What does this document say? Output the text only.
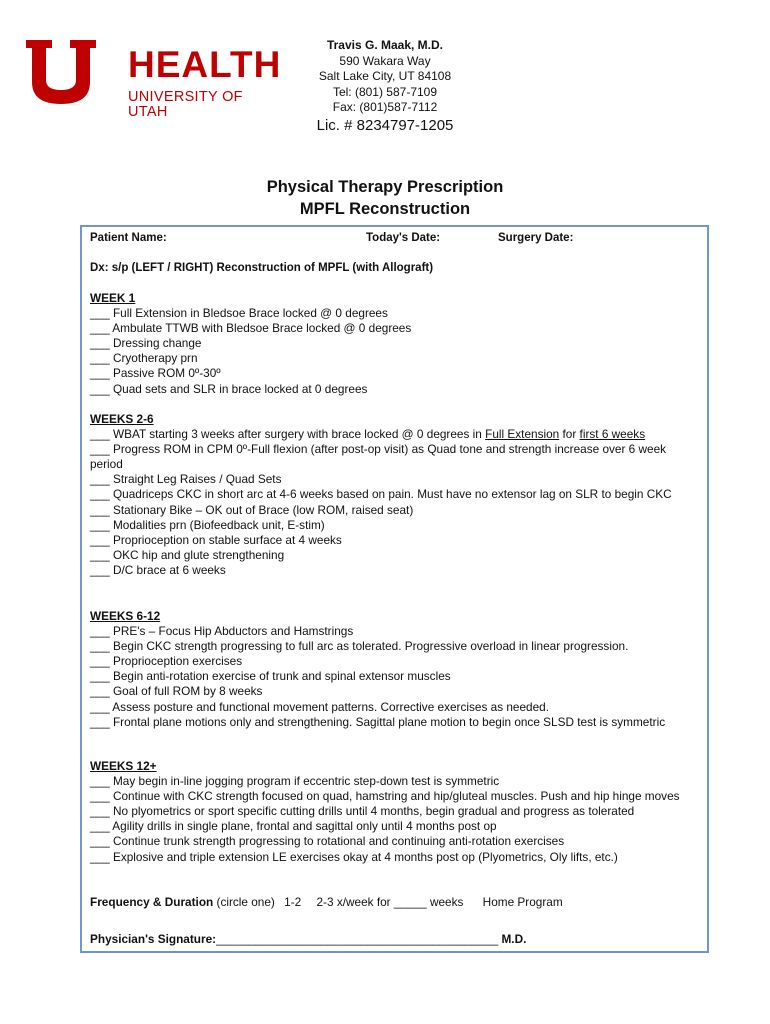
HEALTH
UNIVERSITY OF UTAH
Travis G. Maak, M.D.
590 Wakara Way
Salt Lake City, UT 84108
Tel: (801) 587-7109
Fax: (801)587-7112
Lic. # 8234797-1205
Physical Therapy Prescription
MPFL Reconstruction
Patient Name:	Today's Date:	Surgery Date:
Dx: s/p (LEFT / RIGHT) Reconstruction of MPFL (with Allograft)
WEEK 1
___ Full Extension in Bledsoe Brace locked @ 0 degrees
___ Ambulate TTWB with Bledsoe Brace locked @ 0 degrees
___ Dressing change
___ Cryotherapy prn
___ Passive ROM 0º-30º
___ Quad sets and SLR in brace locked at 0 degrees
WEEKS 2-6
___ WBAT starting 3 weeks after surgery with brace locked @ 0 degrees in Full Extension for first 6 weeks
___ Progress ROM in CPM 0º-Full flexion (after post-op visit) as Quad tone and strength increase over 6 week period
___ Straight Leg Raises / Quad Sets
___ Quadriceps CKC in short arc at 4-6 weeks based on pain. Must have no extensor lag on SLR to begin CKC
___ Stationary Bike – OK out of Brace (low ROM, raised seat)
___ Modalities prn (Biofeedback unit, E-stim)
___ Proprioception on stable surface at 4 weeks
___ OKC hip and glute strengthening
___ D/C brace at 6 weeks
WEEKS 6-12
___ PRE's – Focus Hip Abductors and Hamstrings
___ Begin CKC strength progressing to full arc as tolerated. Progressive overload in linear progression.
___ Proprioception exercises
___ Begin anti-rotation exercise of trunk and spinal extensor muscles
___ Goal of full ROM by 8 weeks
___ Assess posture and functional movement patterns. Corrective exercises as needed.
___ Frontal plane motions only and strengthening. Sagittal plane motion to begin once SLSD test is symmetric
WEEKS 12+
___ May begin in-line jogging program if eccentric step-down test is symmetric
___ Continue with CKC strength focused on quad, hamstring and hip/gluteal muscles. Push and hip hinge moves
___ No plyometrics or sport specific cutting drills until 4 months, begin gradual and progress as tolerated
___ Agility drills in single plane, frontal and sagittal only until 4 months post op
___ Continue trunk strength progressing to rotational and continuing anti-rotation exercises
___ Explosive and triple extension LE exercises okay at 4 months post op (Plyometrics, Oly lifts, etc.)
Frequency & Duration (circle one) 1-2 2-3 x/week for _____ weeks Home Program
Physician's Signature:___________________________________________ M.D.
